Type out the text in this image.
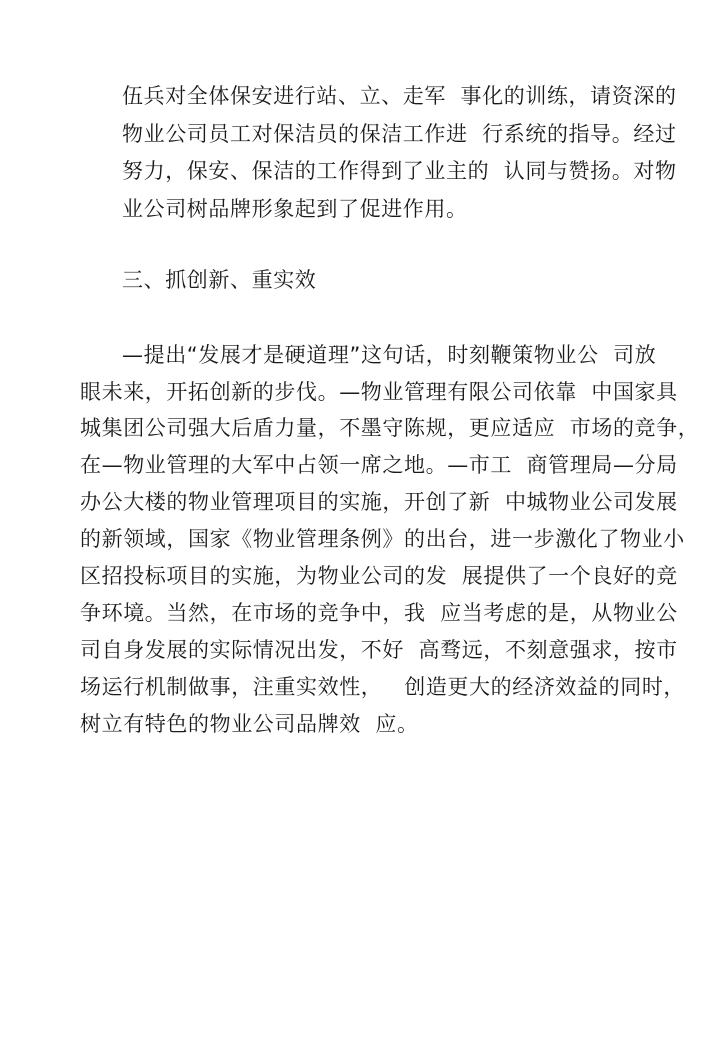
伍兵对全体保安进行站、立、走军  事化的训练，请资深的
物业公司员工对保洁员的保洁工作进  行系统的指导。经过
努力，保安、保洁的工作得到了业主的  认同与赞扬。对物
业公司树品牌形象起到了促进作用。
三、抓创新、重实效
—提出“发展才是硬道理”这句话，时刻鞭策物业公  司放
眼未来，开拓创新的步伐。—物业管理有限公司依靠  中国家具
城集团公司强大后盾力量，不墨守陈规，更应适应  市场的竞争，
在—物业管理的大军中占领一席之地。—市工  商管理局—分局
办公大楼的物业管理项目的实施，开创了新  中城物业公司发展
的新领域，国家《物业管理条例》的出台，进一步激化了物业小
区招投标项目的实施，为物业公司的发  展提供了一个良好的竞
争环境。当然，在市场的竞争中，我  应当考虑的是，从物业公
司自身发展的实际情况出发，不好  高骛远，不刻意强求，按市
场运行机制做事，注重实效性，   创造更大的经济效益的同时，
树立有特色的物业公司品牌效  应。
